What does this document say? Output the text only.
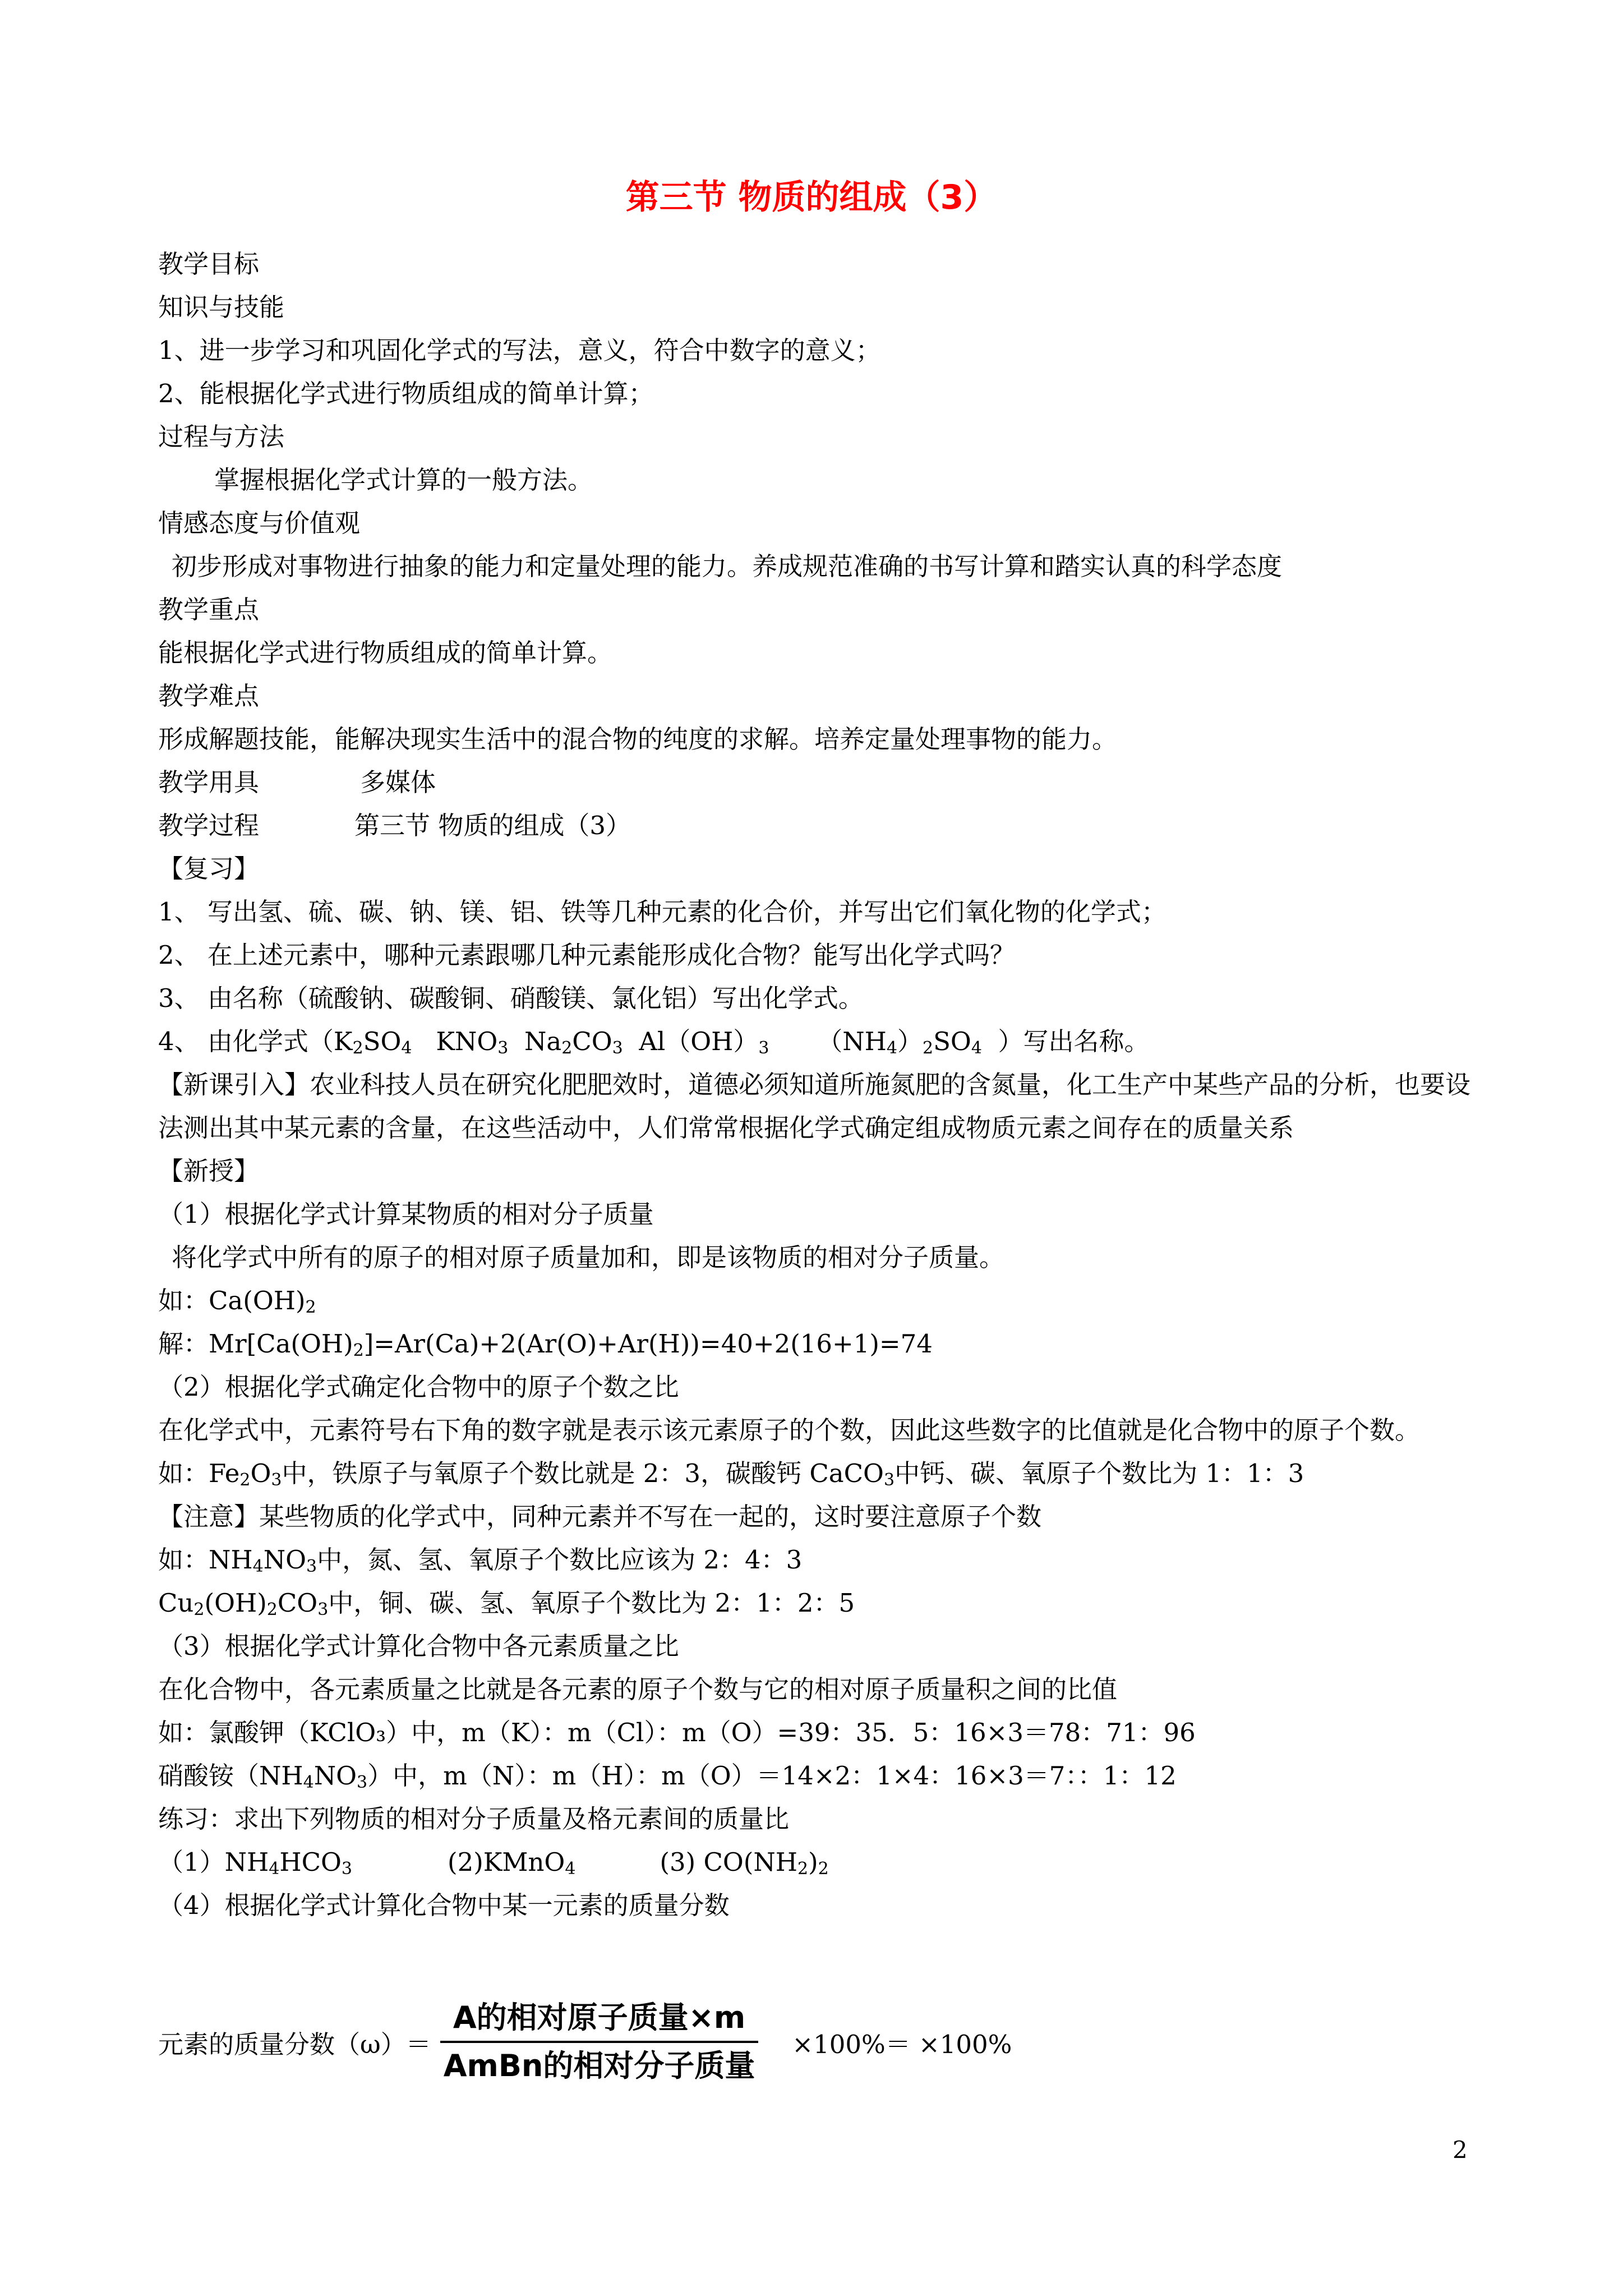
第三节 物质的组成（3）
教学目标
知识与技能
1、进一步学习和巩固化学式的写法，意义，符合中数字的意义；
2、能根据化学式进行物质组成的简单计算；
过程与方法
掌握根据化学式计算的一般方法。
情感态度与价值观
初步形成对事物进行抽象的能力和定量处理的能力。养成规范准确的书写计算和踏实认真的科学态度
教学重点
能根据化学式进行物质组成的简单计算。
教学难点
形成解题技能，能解决现实生活中的混合物的纯度的求解。培养定量处理事物的能力。
教学用具	多媒体
教学过程	第三节 物质的组成（3）
【复习】
1、 写出氢、硫、碳、钠、镁、铝、铁等几种元素的化合价，并写出它们氧化物的化学式；
2、 在上述元素中，哪种元素跟哪几种元素能形成化合物？能写出化学式吗？
3、 由名称（硫酸钠、碳酸铜、硝酸镁、氯化铝）写出化学式。
4、 由化学式（$K_2SO_4$   $KNO_3$  $Na_2CO_3$  $Al(OH)_3$      $(NH_4)_2SO_4$  ）写出名称。
【新课引入】农业科技人员在研究化肥肥效时，道德必须知道所施氮肥的含氮量，化工生产中某些产品的分析，也要设法测出其中某元素的含量，在这些活动中，人们常常根据化学式确定组成物质元素之间存在的质量关系
【新授】
（1）根据化学式计算某物质的相对分子质量
将化学式中所有的原子的相对原子质量加和，即是该物质的相对分子质量。
如：$Ca(OH)_2$
解：$Mr[Ca(OH)_2]=Ar(Ca)+2(Ar(O)+Ar(H))=40+2(16+1)=74$
（2）根据化学式确定化合物中的原子个数之比
在化学式中，元素符号右下角的数字就是表示该元素原子的个数，因此这些数字的比值就是化合物中的原子个数。
如：$Fe_2O_3$中，铁原子与氧原子个数比就是 2：3，碳酸钙 CaCO$_3$中钙、碳、氧原子个数比为 1：1：3
【注意】某些物质的化学式中，同种元素并不写在一起的，这时要注意原子个数
如：$NH_4NO_3$中，氮、氢、氧原子个数比应该为 2：4：3
$Cu_2(OH)_2CO_3$中，铜、碳、氢、氧原子个数比为 2：1：2：5
（3）根据化学式计算化合物中各元素质量之比
在化合物中，各元素质量之比就是各元素的原子个数与它的相对原子质量积之间的比值
如：氯酸钾（KClO₃）中，m（K）：m（Cl）：m（O）=39：35．5：16×3＝78：71：96
硝酸铵$(NH_4NO_3)$中，m（N）：m（H）：m（O）＝14×2：1×4：16×3＝7：：1：12
练习：求出下列物质的相对分子质量及格元素间的质量比
$(1)NH_4HCO_3$	(2)KMnO$_4$	(3) $CO(NH_2)_2$
（4）根据化学式计算化合物中某一元素的质量分数
元素的质量分数$(\omega)= \frac{\text{A的相对原子质量×m}}{\text{AmBn的相对分子质量}} \times 100\%= \times 100\%$
2
